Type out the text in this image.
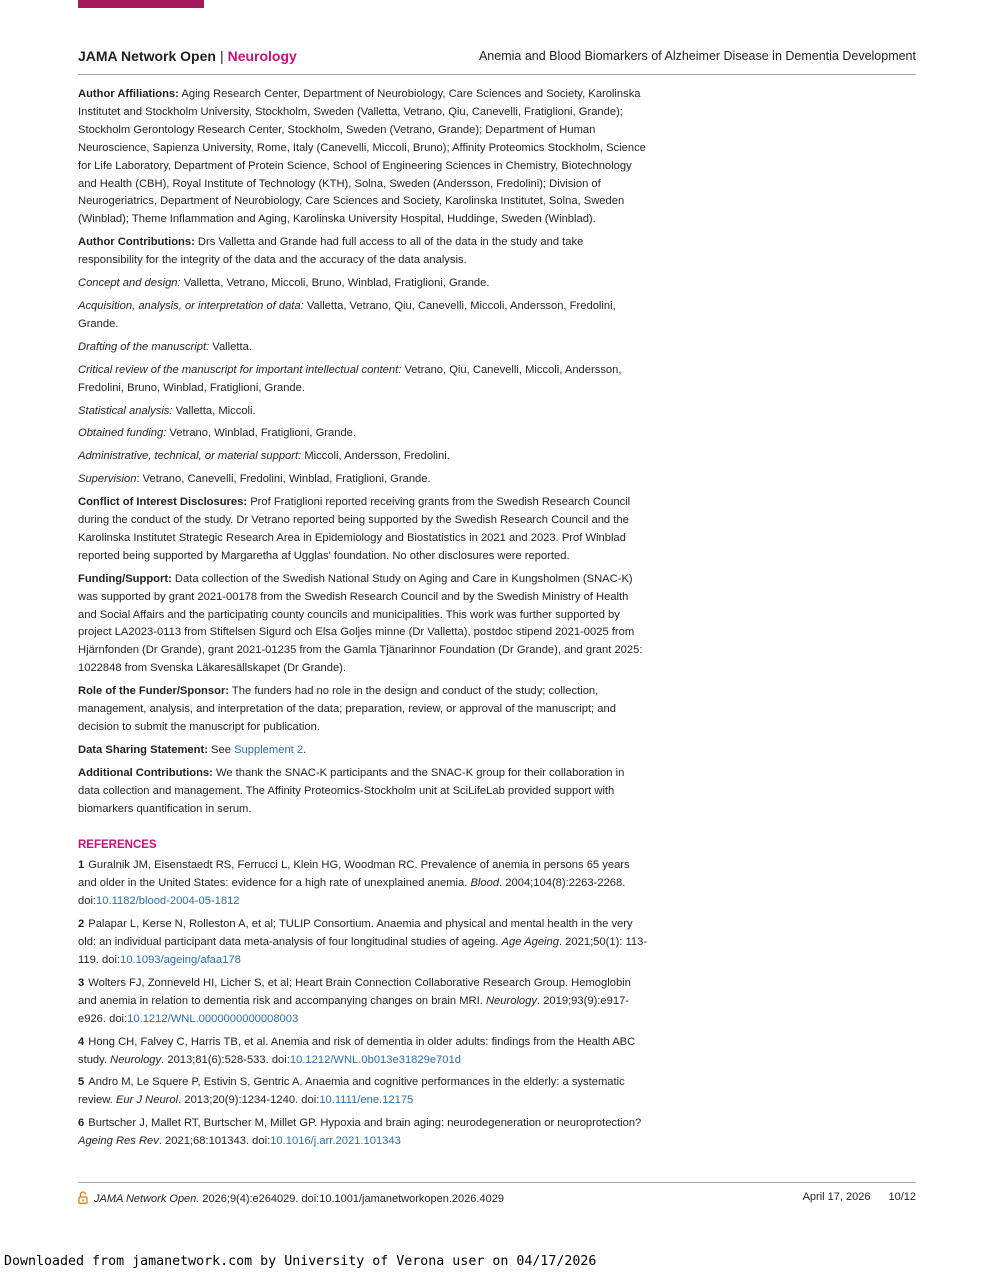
JAMA Network Open | Neurology	Anemia and Blood Biomarkers of Alzheimer Disease in Dementia Development

Author Affiliations: Aging Research Center, Department of Neurobiology, Care Sciences and Society, Karolinska Institutet and Stockholm University, Stockholm, Sweden (Valletta, Vetrano, Qiu, Canevelli, Fratiglioni, Grande); Stockholm Gerontology Research Center, Stockholm, Sweden (Vetrano, Grande); Department of Human Neuroscience, Sapienza University, Rome, Italy (Canevelli, Miccoli, Bruno); Affinity Proteomics Stockholm, Science for Life Laboratory, Department of Protein Science, School of Engineering Sciences in Chemistry, Biotechnology and Health (CBH), Royal Institute of Technology (KTH), Solna, Sweden (Andersson, Fredolini); Division of Neurogeriatrics, Department of Neurobiology, Care Sciences and Society, Karolinska Institutet, Solna, Sweden (Winblad); Theme Inflammation and Aging, Karolinska University Hospital, Huddinge, Sweden (Winblad).

Author Contributions: Drs Valletta and Grande had full access to all of the data in the study and take responsibility for the integrity of the data and the accuracy of the data analysis.

Concept and design: Valletta, Vetrano, Miccoli, Bruno, Winblad, Fratiglioni, Grande.

Acquisition, analysis, or interpretation of data: Valletta, Vetrano, Qiu, Canevelli, Miccoli, Andersson, Fredolini, Grande.

Drafting of the manuscript: Valletta.

Critical review of the manuscript for important intellectual content: Vetrano, Qiu, Canevelli, Miccoli, Andersson, Fredolini, Bruno, Winblad, Fratiglioni, Grande.

Statistical analysis: Valletta, Miccoli.

Obtained funding: Vetrano, Winblad, Fratiglioni, Grande.

Administrative, technical, or material support: Miccoli, Andersson, Fredolini.

Supervision: Vetrano, Canevelli, Fredolini, Winblad, Fratiglioni, Grande.

Conflict of Interest Disclosures: Prof Fratiglioni reported receiving grants from the Swedish Research Council during the conduct of the study. Dr Vetrano reported being supported by the Swedish Research Council and the Karolinska Institutet Strategic Research Area in Epidemiology and Biostatistics in 2021 and 2023. Prof Winblad reported being supported by Margaretha af Ugglas' foundation. No other disclosures were reported.

Funding/Support: Data collection of the Swedish National Study on Aging and Care in Kungsholmen (SNAC-K) was supported by grant 2021-00178 from the Swedish Research Council and by the Swedish Ministry of Health and Social Affairs and the participating county councils and municipalities. This work was further supported by project LA2023-0113 from Stiftelsen Sigurd och Elsa Goljes minne (Dr Valletta), postdoc stipend 2021-0025 from Hjärnfonden (Dr Grande), grant 2021-01235 from the Gamla Tjänarinnor Foundation (Dr Grande), and grant 2025: 1022848 from Svenska Läkaresällskapet (Dr Grande).

Role of the Funder/Sponsor: The funders had no role in the design and conduct of the study; collection, management, analysis, and interpretation of the data; preparation, review, or approval of the manuscript; and decision to submit the manuscript for publication.

Data Sharing Statement: See Supplement 2.

Additional Contributions: We thank the SNAC-K participants and the SNAC-K group for their collaboration in data collection and management. The Affinity Proteomics-Stockholm unit at SciLifeLab provided support with biomarkers quantification in serum.

REFERENCES

1 Guralnik JM, Eisenstaedt RS, Ferrucci L, Klein HG, Woodman RC. Prevalence of anemia in persons 65 years and older in the United States: evidence for a high rate of unexplained anemia. Blood. 2004;104(8):2263-2268. doi:10.1182/blood-2004-05-1812

2 Palapar L, Kerse N, Rolleston A, et al; TULIP Consortium. Anaemia and physical and mental health in the very old: an individual participant data meta-analysis of four longitudinal studies of ageing. Age Ageing. 2021;50(1): 113-119. doi:10.1093/ageing/afaa178

3 Wolters FJ, Zonneveld HI, Licher S, et al; Heart Brain Connection Collaborative Research Group. Hemoglobin and anemia in relation to dementia risk and accompanying changes on brain MRI. Neurology. 2019;93(9):e917-e926. doi:10.1212/WNL.0000000000008003

4 Hong CH, Falvey C, Harris TB, et al. Anemia and risk of dementia in older adults: findings from the Health ABC study. Neurology. 2013;81(6):528-533. doi:10.1212/WNL.0b013e31829e701d

5 Andro M, Le Squere P, Estivin S, Gentric A. Anaemia and cognitive performances in the elderly: a systematic review. Eur J Neurol. 2013;20(9):1234-1240. doi:10.1111/ene.12175

6 Burtscher J, Mallet RT, Burtscher M, Millet GP. Hypoxia and brain aging: neurodegeneration or neuroprotection? Ageing Res Rev. 2021;68:101343. doi:10.1016/j.arr.2021.101343

JAMA Network Open. 2026;9(4):e264029. doi:10.1001/jamanetworkopen.2026.4029	April 17, 2026 10/12
Downloaded from jamanetwork.com by University of Verona user on 04/17/2026
